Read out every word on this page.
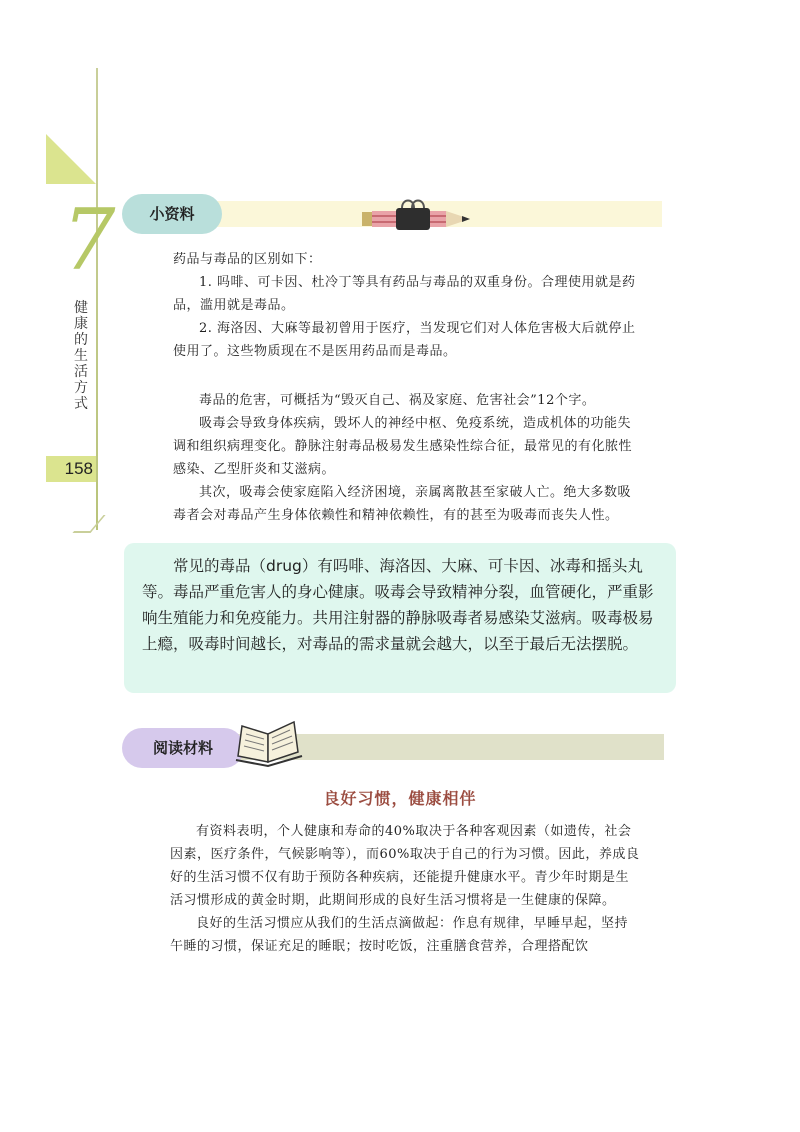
7
健康的生活方式
158
小资料

药品与毒品的区别如下：

1. 吗啡、可卡因、杜冷丁等具有药品与毒品的双重身份。合理使用就是药品，滥用就是毒品。

2. 海洛因、大麻等最初曾用于医疗，当发现它们对人体危害极大后就停止使用了。这些物质现在不是医用药品而是毒品。

毒品的危害，可概括为“毁灭自己、祸及家庭、危害社会”12个字。

吸毒会导致身体疾病，毁坏人的神经中枢、免疫系统，造成机体的功能失调和组织病理变化。静脉注射毒品极易发生感染性综合征，最常见的有化脓性感染、乙型肝炎和艾滋病。

其次，吸毒会使家庭陷入经济困境，亲属离散甚至家破人亡。绝大多数吸毒者会对毒品产生身体依赖性和精神依赖性，有的甚至为吸毒而丧失人性。

常见的毒品（drug）有吗啡、海洛因、大麻、可卡因、冰毒和摇头丸等。毒品严重危害人的身心健康。吸毒会导致精神分裂，血管硬化，严重影响生殖能力和免疫能力。共用注射器的静脉吸毒者易感染艾滋病。吸毒极易上瘾，吸毒时间越长，对毒品的需求量就会越大，以至于最后无法摆脱。

阅读材料
良好习惯，健康相伴

有资料表明，个人健康和寿命的40%取决于各种客观因素（如遗传，社会因素，医疗条件，气候影响等），而60%取决于自己的行为习惯。因此，养成良好的生活习惯不仅有助于预防各种疾病，还能提升健康水平。青少年时期是生活习惯形成的黄金时期，此期间形成的良好生活习惯将是一生健康的保障。

良好的生活习惯应从我们的生活点滴做起：作息有规律，早睡早起，坚持午睡的习惯，保证充足的睡眠；按时吃饭，注重膳食营养，合理搭配饮
